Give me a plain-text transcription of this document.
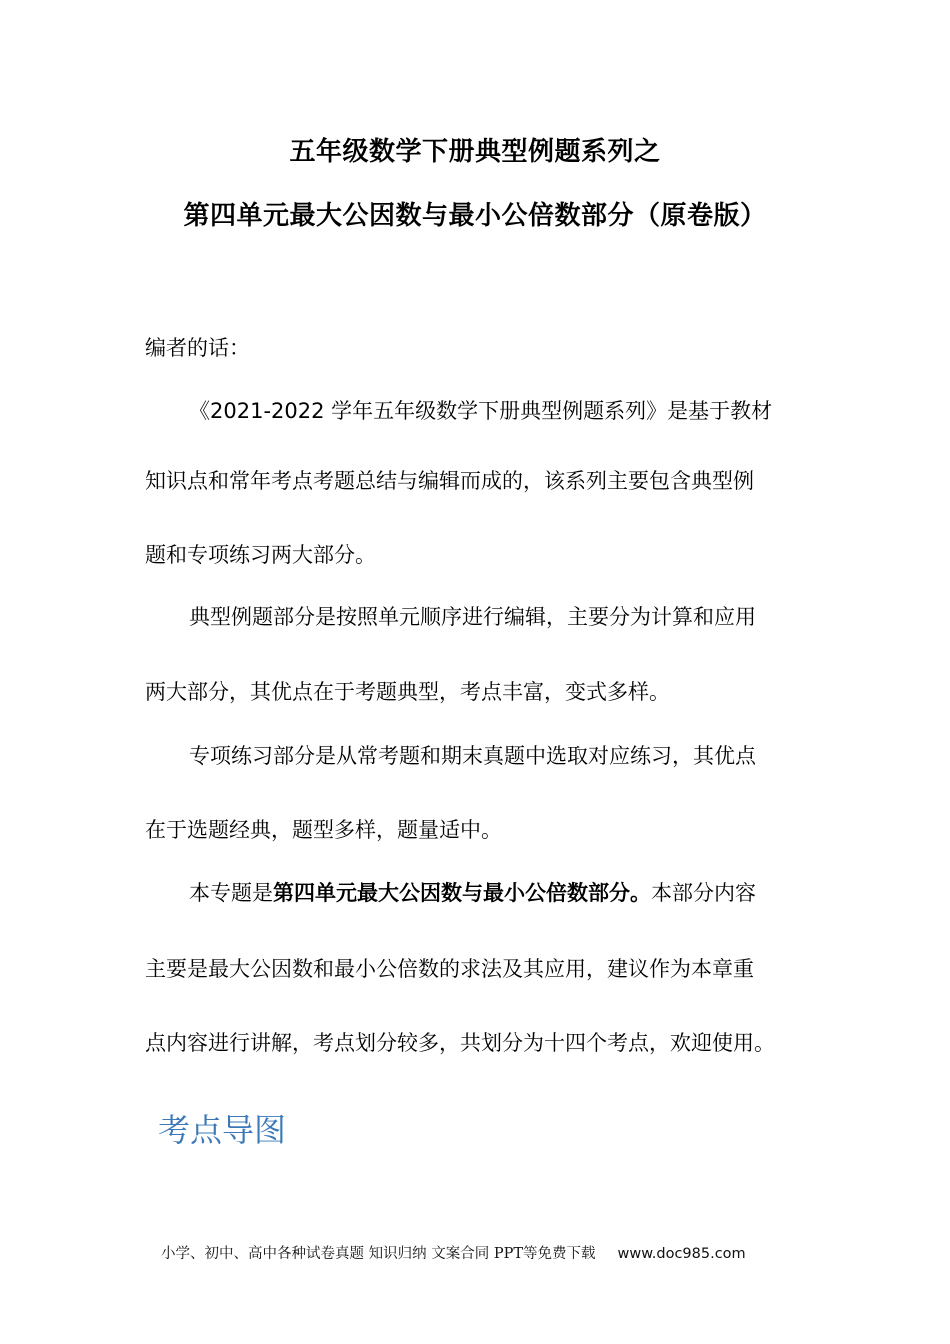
五年级数学下册典型例题系列之
第四单元最大公因数与最小公倍数部分（原卷版）
编者的话：
《2021-2022 学年五年级数学下册典型例题系列》是基于教材
知识点和常年考点考题总结与编辑而成的，该系列主要包含典型例
题和专项练习两大部分。
典型例题部分是按照单元顺序进行编辑，主要分为计算和应用
两大部分，其优点在于考题典型，考点丰富，变式多样。
专项练习部分是从常考题和期末真题中选取对应练习，其优点
在于选题经典，题型多样，题量适中。
本专题是第四单元最大公因数与最小公倍数部分。本部分内容
主要是最大公因数和最小公倍数的求法及其应用，建议作为本章重
点内容进行讲解，考点划分较多，共划分为十四个考点，欢迎使用。
考点导图
小学、初中、高中各种试卷真题 知识归纳 文案合同 PPT等免费下载 www.doc985.com
